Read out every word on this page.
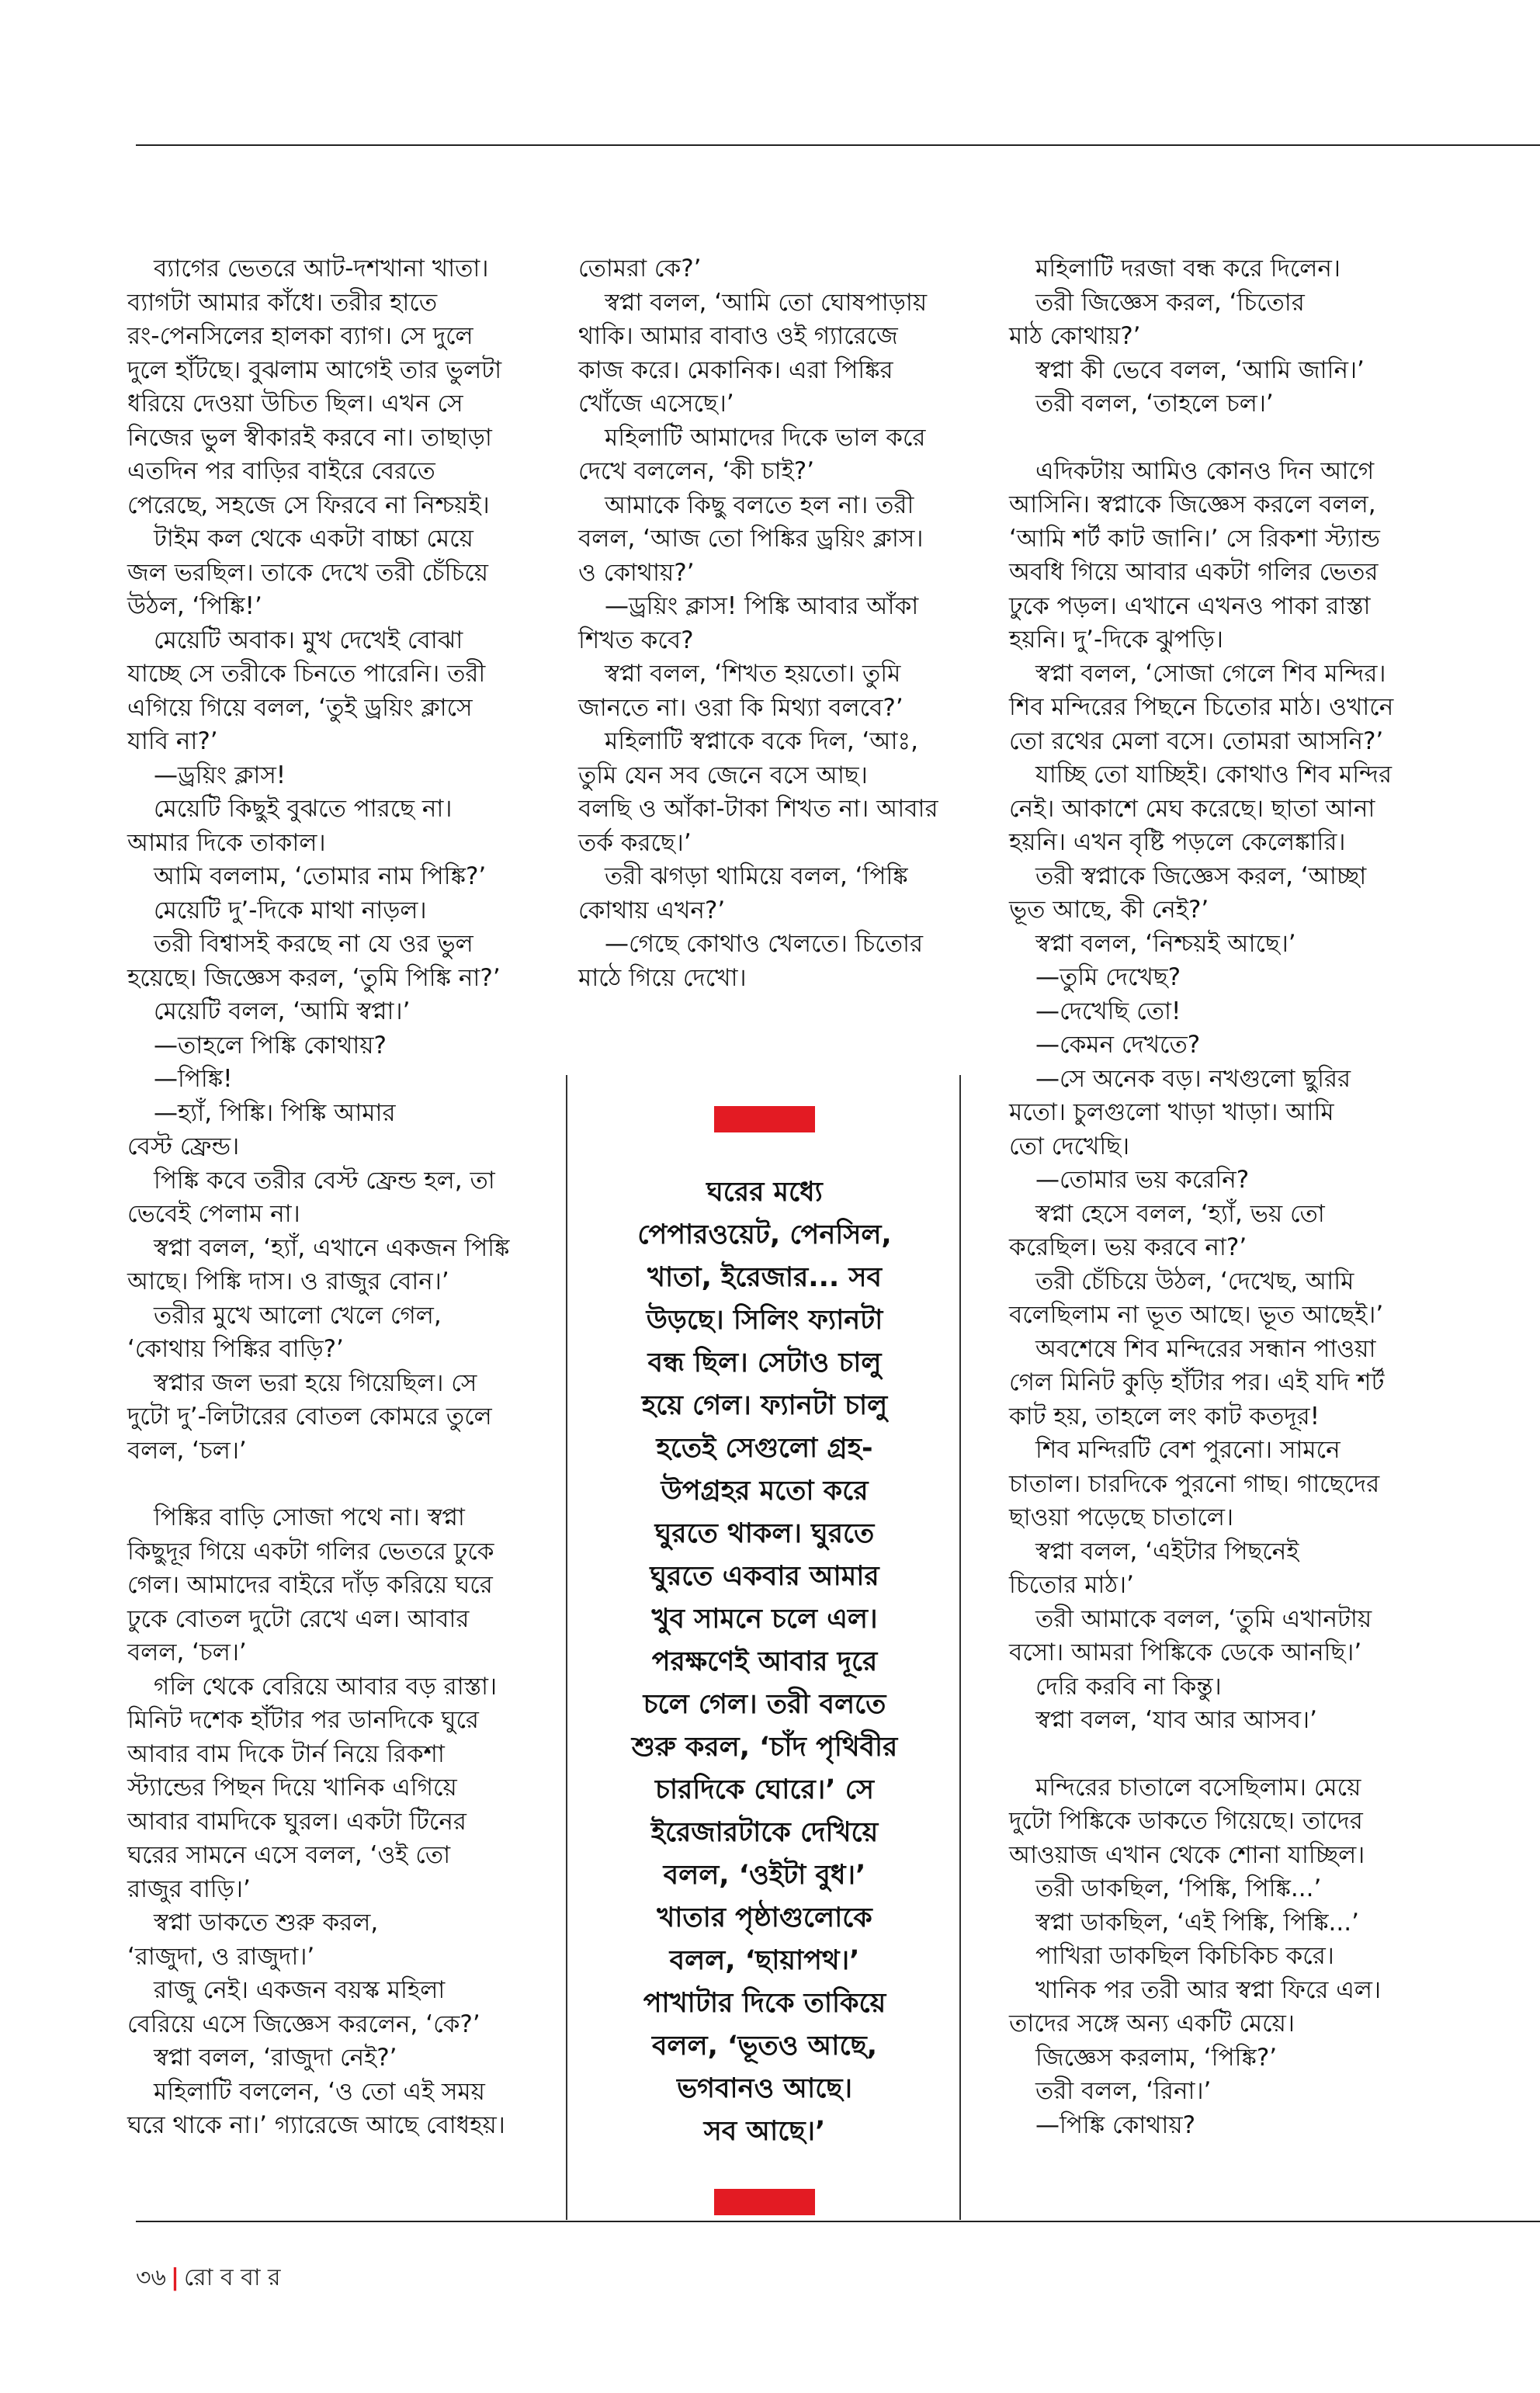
ব্যাগের ভেতরে আট-দশখানা খাতা।

ব্যাগটা আমার কাঁধে। তরীর হাতে

রং-পেনসিলের হালকা ব্যাগ। সে দুলে

দুলে হাঁটছে। বুঝলাম আগেই তার ভুলটা

ধরিয়ে দেওয়া উচিত ছিল। এখন সে

নিজের ভুল স্বীকারই করবে না। তাছাড়া

এতদিন পর বাড়ির বাইরে বেরতে

পেরেছে, সহজে সে ফিরবে না নিশ্চয়ই।

টাইম কল থেকে একটা বাচ্চা মেয়ে

জল ভরছিল। তাকে দেখে তরী চেঁচিয়ে

উঠল, ‘পিঙ্কি!’

মেয়েটি অবাক। মুখ দেখেই বোঝা

যাচ্ছে সে তরীকে চিনতে পারেনি। তরী

এগিয়ে গিয়ে বলল, ‘তুই ড্রয়িং ক্লাসে

যাবি না?’

—ড্রয়িং ক্লাস!

মেয়েটি কিছুই বুঝতে পারছে না।

আমার দিকে তাকাল।

আমি বললাম, ‘তোমার নাম পিঙ্কি?’

মেয়েটি দু’-দিকে মাথা নাড়ল।

তরী বিশ্বাসই করছে না যে ওর ভুল

হয়েছে। জিজ্ঞেস করল, ‘তুমি পিঙ্কি না?’

মেয়েটি বলল, ‘আমি স্বপ্না।’

—তাহলে পিঙ্কি কোথায়?

—পিঙ্কি!

—হ্যাঁ, পিঙ্কি। পিঙ্কি আমার

বেস্ট ফ্রেন্ড।

পিঙ্কি কবে তরীর বেস্ট ফ্রেন্ড হল, তা

ভেবেই পেলাম না।

স্বপ্না বলল, ‘হ্যাঁ, এখানে একজন পিঙ্কি

আছে। পিঙ্কি দাস। ও রাজুর বোন।’

তরীর মুখে আলো খেলে গেল,

‘কোথায় পিঙ্কির বাড়ি?’

স্বপ্নার জল ভরা হয়ে গিয়েছিল। সে

দুটো দু’-লিটারের বোতল কোমরে তুলে

বলল, ‘চল।’

পিঙ্কির বাড়ি সোজা পথে না। স্বপ্না

কিছুদূর গিয়ে একটা গলির ভেতরে ঢুকে

গেল। আমাদের বাইরে দাঁড় করিয়ে ঘরে

ঢুকে বোতল দুটো রেখে এল। আবার

বলল, ‘চল।’

গলি থেকে বেরিয়ে আবার বড় রাস্তা।

মিনিট দশেক হাঁটার পর ডানদিকে ঘুরে

আবার বাম দিকে টার্ন নিয়ে রিকশা

স্ট্যান্ডের পিছন দিয়ে খানিক এগিয়ে

আবার বামদিকে ঘুরল। একটা টিনের

ঘরের সামনে এসে বলল, ‘ওই তো

রাজুর বাড়ি।’

স্বপ্না ডাকতে শুরু করল,

‘রাজুদা, ও রাজুদা।’

রাজু নেই। একজন বয়স্ক মহিলা

বেরিয়ে এসে জিজ্ঞেস করলেন, ‘কে?’

স্বপ্না বলল, ‘রাজুদা নেই?’

মহিলাটি বললেন, ‘ও তো এই সময়

ঘরে থাকে না।’ গ্যারেজে আছে বোধহয়।

তোমরা কে?’

স্বপ্না বলল, ‘আমি তো ঘোষপাড়ায়

থাকি। আমার বাবাও ওই গ্যারেজে

কাজ করে। মেকানিক। এরা পিঙ্কির

খোঁজে এসেছে।’

মহিলাটি আমাদের দিকে ভাল করে

দেখে বললেন, ‘কী চাই?’

আমাকে কিছু বলতে হল না। তরী

বলল, ‘আজ তো পিঙ্কির ড্রয়িং ক্লাস।

ও কোথায়?’

—ড্রয়িং ক্লাস! পিঙ্কি আবার আঁকা

শিখত কবে?

স্বপ্না বলল, ‘শিখত হয়তো। তুমি

জানতে না। ওরা কি মিথ্যা বলবে?’

মহিলাটি স্বপ্নাকে বকে দিল, ‘আঃ,

তুমি যেন সব জেনে বসে আছ।

বলছি ও আঁকা-টাকা শিখত না। আবার

তর্ক করছে।’

তরী ঝগড়া থামিয়ে বলল, ‘পিঙ্কি

কোথায় এখন?’

—গেছে কোথাও খেলতে। চিতোর

মাঠে গিয়ে দেখো।

মহিলাটি দরজা বন্ধ করে দিলেন।

তরী জিজ্ঞেস করল, ‘চিতোর

মাঠ কোথায়?’

স্বপ্না কী ভেবে বলল, ‘আমি জানি।’

তরী বলল, ‘তাহলে চল।’

এদিকটায় আমিও কোনও দিন আগে

আসিনি। স্বপ্নাকে জিজ্ঞেস করলে বলল,

‘আমি শর্ট কাট জানি।’ সে রিকশা স্ট্যান্ড

অবধি গিয়ে আবার একটা গলির ভেতর

ঢুকে পড়ল। এখানে এখনও পাকা রাস্তা

হয়নি। দু’-দিকে ঝুপড়ি।

স্বপ্না বলল, ‘সোজা গেলে শিব মন্দির।

শিব মন্দিরের পিছনে চিতোর মাঠ। ওখানে

তো রথের মেলা বসে। তোমরা আসনি?’

যাচ্ছি তো যাচ্ছিই। কোথাও শিব মন্দির

নেই। আকাশে মেঘ করেছে। ছাতা আনা

হয়নি। এখন বৃষ্টি পড়লে কেলেঙ্কারি।

তরী স্বপ্নাকে জিজ্ঞেস করল, ‘আচ্ছা

ভূত আছে, কী নেই?’

স্বপ্না বলল, ‘নিশ্চয়ই আছে।’

—তুমি দেখেছ?

—দেখেছি তো!

—কেমন দেখতে?

—সে অনেক বড়। নখগুলো ছুরির

মতো। চুলগুলো খাড়া খাড়া। আমি

তো দেখেছি।

—তোমার ভয় করেনি?

স্বপ্না হেসে বলল, ‘হ্যাঁ, ভয় তো

করেছিল। ভয় করবে না?’

তরী চেঁচিয়ে উঠল, ‘দেখেছ, আমি

বলেছিলাম না ভূত আছে। ভূত আছেই।’

অবশেষে শিব মন্দিরের সন্ধান পাওয়া

গেল মিনিট কুড়ি হাঁটার পর। এই যদি শর্ট

কাট হয়, তাহলে লং কাট কতদূর!

শিব মন্দিরটি বেশ পুরনো। সামনে

চাতাল। চারদিকে পুরনো গাছ। গাছেদের

ছাওয়া পড়েছে চাতালে।

স্বপ্না বলল, ‘এইটার পিছনেই

চিতোর মাঠ।’

তরী আমাকে বলল, ‘তুমি এখানটায়

বসো। আমরা পিঙ্কিকে ডেকে আনছি।’

দেরি করবি না কিন্তু।

স্বপ্না বলল, ‘যাব আর আসব।’

মন্দিরের চাতালে বসেছিলাম। মেয়ে

দুটো পিঙ্কিকে ডাকতে গিয়েছে। তাদের

আওয়াজ এখান থেকে শোনা যাচ্ছিল।

তরী ডাকছিল, ‘পিঙ্কি, পিঙ্কি...’

স্বপ্না ডাকছিল, ‘এই পিঙ্কি, পিঙ্কি...’

পাখিরা ডাকছিল কিচিকিচ করে।

খানিক পর তরী আর স্বপ্না ফিরে এল।

তাদের সঙ্গে অন্য একটি মেয়ে।

জিজ্ঞেস করলাম, ‘পিঙ্কি?’

তরী বলল, ‘রিনা।’

—পিঙ্কি কোথায়?

ঘরের মধ্যে

পেপারওয়েট, পেনসিল,

খাতা, ইরেজার... সব

উড়ছে। সিলিং ফ্যানটা

বন্ধ ছিল। সেটাও চালু

হয়ে গেল। ফ্যানটা চালু

হতেই সেগুলো গ্রহ-

উপগ্রহর মতো করে

ঘুরতে থাকল। ঘুরতে

ঘুরতে একবার আমার

খুব সামনে চলে এল।

পরক্ষণেই আবার দূরে

চলে গেল। তরী বলতে

শুরু করল, ‘চাঁদ পৃথিবীর

চারদিকে ঘোরে।’ সে

ইরেজারটাকে দেখিয়ে

বলল, ‘ওইটা বুধ।’

খাতার পৃষ্ঠাগুলোকে

বলল, ‘ছায়াপথ।’

পাখাটার দিকে তাকিয়ে

বলল, ‘ভূতও আছে,

ভগবানও আছে।

সব আছে।’

৩৬ | রো ব বা র
